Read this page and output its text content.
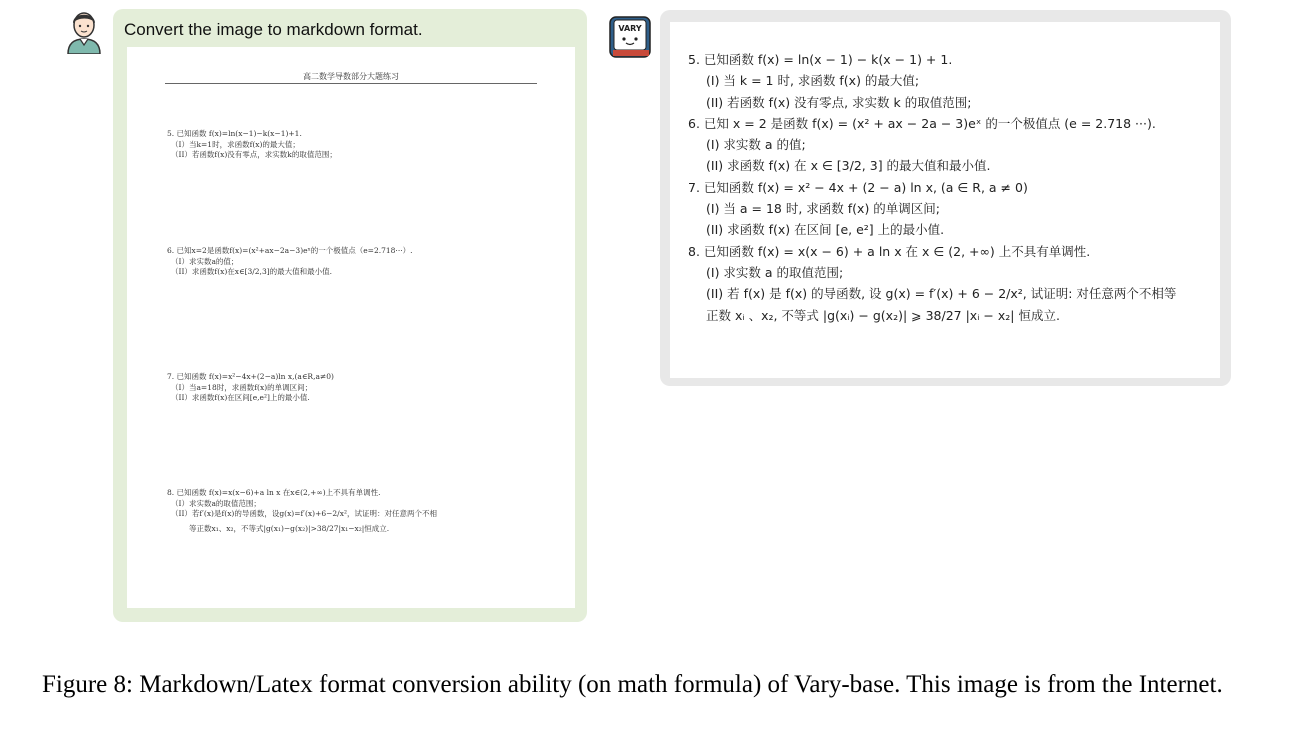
Convert the image to markdown format.
高二数学导数部分大题练习
5. 已知函数 f(x)=ln(x−1)−k(x−1)+1.
（I）当k=1时，求函数f(x)的最大值；
（II）若函数f(x)没有零点，求实数k的取值范围；
6. 已知x=2是函数f(x)=(x²+ax−2a−3)eˣ的一个极值点（e=2.718···）.
（I）求实数a的值；
（II）求函数f(x)在x∈[3/2,3]的最大值和最小值.
7. 已知函数 f(x)=x²−4x+(2−a)ln x,(a∈R,a≠0)
（I）当a=18时，求函数f(x)的单调区间；
（II）求函数f(x)在区间[e,e²]上的最小值.
8. 已知函数 f(x)=x(x−6)+a ln x 在x∈(2,+∞)上不具有单调性.
（I）求实数a的取值范围；
（II）若f′(x)是f(x)的导函数，设g(x)=f′(x)+6−2/x²，试证明：对任意两个不相
等正数x₁、x₂，不等式|g(x₁)−g(x₂)|>38/27|x₁−x₂|恒成立.
VARY
5. 已知函数 f(x) = ln(x − 1) − k(x − 1) + 1.
(I) 当 k = 1 时, 求函数 f(x) 的最大值;
(II) 若函数 f(x) 没有零点, 求实数 k 的取值范围;
6. 已知 x = 2 是函数 f(x) = (x² + ax − 2a − 3)eˣ 的一个极值点 (e = 2.718 ···).
(I) 求实数 a 的值;
(II) 求函数 f(x) 在 x ∈ [3/2, 3] 的最大值和最小值.
7. 已知函数 f(x) = x² − 4x + (2 − a) ln x, (a ∈ R, a ≠ 0)
(I) 当 a = 18 时, 求函数 f(x) 的单调区间;
(II) 求函数 f(x) 在区间 [e, e²] 上的最小值.
8. 已知函数 f(x) = x(x − 6) + a ln x 在 x ∈ (2, +∞) 上不具有单调性.
(I) 求实数 a 的取值范围;
(II) 若 f(x) 是 f(x) 的导函数, 设 g(x) = f′(x) + 6 − 2/x², 试证明: 对任意两个不相等
正数 xᵢ 、x₂, 不等式 |g(xᵢ) − g(x₂)| ⩾ 38/27 |xᵢ − x₂| 恒成立.
Figure 8: Markdown/Latex format conversion ability (on math formula) of Vary-base. This image is from the Internet.
